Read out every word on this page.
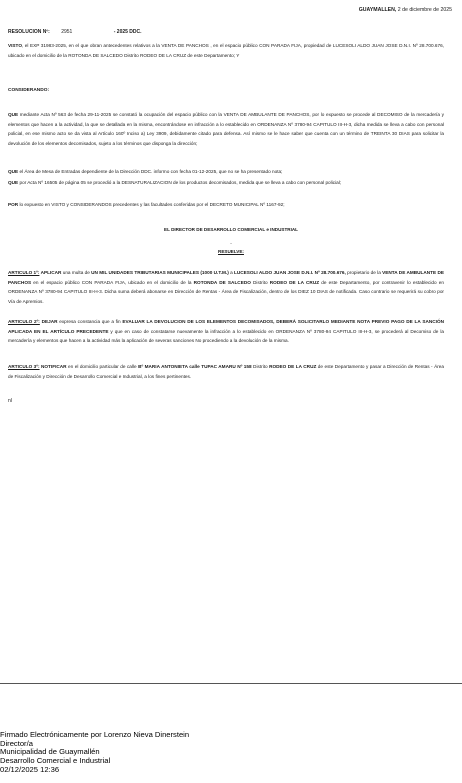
GUAYMALLEN, 2 de diciembre de 2025
RESOLUCION Nº: 2951	- 2025 DDC.
VISTO, el EXP 31983-2025, en el que obran antecedentes relativos a la VENTA DE PANCHOS , en el espacio público CON PARADA FIJA, propiedad de LUCESOLI ALDO JUAN JOSE D.N.I. Nº 28.700.676, ubicado en el domicilio de la ROTONDA DE SALCEDO Distrito RODEO DE LA CRUZ de este Departamento; Y
CONSIDERANDO:
QUE mediante Acta Nº 563 de fecha 29-11-2025 se constató la ocupación del espacio público con la VENTA DE AMBULANTE DE PANCHOS, por lo expuesto se procede al DECOMISO de la mercadería y elementos que hacen a la actividad, la que se detallada en la misma, encontrándose en infracción a lo establecido en ORDENANZA Nº 3780-94 CAPITULO III-H-3, dicha medida se lleva a cabo con personal policial, en ese mismo acto se da vista al Artículo 160º Inciso a) Ley 3909, debidamente citado para defensa. Así mismo se le hace saber que cuenta con un término de TREINTA 30 DIAS para solicitar la devolución de los elementos decomisados, sujeto a los términos que disponga la dirección;
QUE el Área de Mesa de Entradas dependiente de la Dirección DDC. informo con fecha 01-12-2025, que no se ha presentado nota;
QUE por Acta Nº 16505 de página 05 se procedió a la DESNATURALIZACION de los productos decomisados, medida que se lleva a cabo con personal policial;
POR lo expuesto en VISTO y CONSIDERANDOS precedentes y las facultades conferidas por el DECRETO MUNICIPAL Nº 1167-92;
EL DIRECTOR DE DESARROLLO COMERCIAL e INDUSTRIAL
-
RESUELVE:
ARTICULO 1º: APLICAR una multa de UN MIL UNIDADES TRIBUTARIAS MUNICIPALES (1000 U.T.M.) a LUCESOLI ALDO JUAN JOSE D.N.I. Nº 28.700.676, propietario de la VENTA DE AMBULANTE DE PANCHOS en el espacio público CON PARADA FIJA, ubicado en el domicilio de la ROTONDA DE SALCEDO Distrito RODEO DE LA CRUZ de este Departamento, por contravenir lo establecido en ORDENANZA Nº 3780-94 CAPITULO III-H-3. Dicha suma deberá abonarse en Dirección de Rentas - Área de Fiscalización, dentro de los DIEZ 10 DIAS de notificada. Caso contrario se requerirá su cobro por Vía de Apremios.
ARTICULO 2º: DEJAR expresa constancia que a fin EVALUAR LA DEVOLUCION DE LOS ELEMENTOS DECOMISADOS, DEBERÁ SOLICITARLO MEDIANTE NOTA PREVIO PAGO DE LA SANCIÓN APLICADA EN EL ARTÍCULO PRECEDENTE y que en caso de constatarse nuevamente la infracción a lo establecido en ORDENANZA Nº 3780-94 CAPITULO III-H-3, se procederá al Decomiso de la mercadería y elementos que hacen a la actividad más la aplicación de severas sanciones No procediendo a la devolución de la misma.
ARTICULO 3º: NOTIFICAR en el domicilio particular de calle Bº MARIA ANTONIETA calle TUPAC AMARU Nº 158 Distrito RODEO DE LA CRUZ de este Departamento y pasar a Dirección de Rentas - Área de Fiscalización y Dirección de Desarrollo Comercial e Industrial, a los fines pertinentes.
nl
Firmado Electrónicamente por Lorenzo Nieva Dinerstein
Director/a
Municipalidad de Guaymallén
Desarrollo Comercial e Industrial
02/12/2025 12:36
